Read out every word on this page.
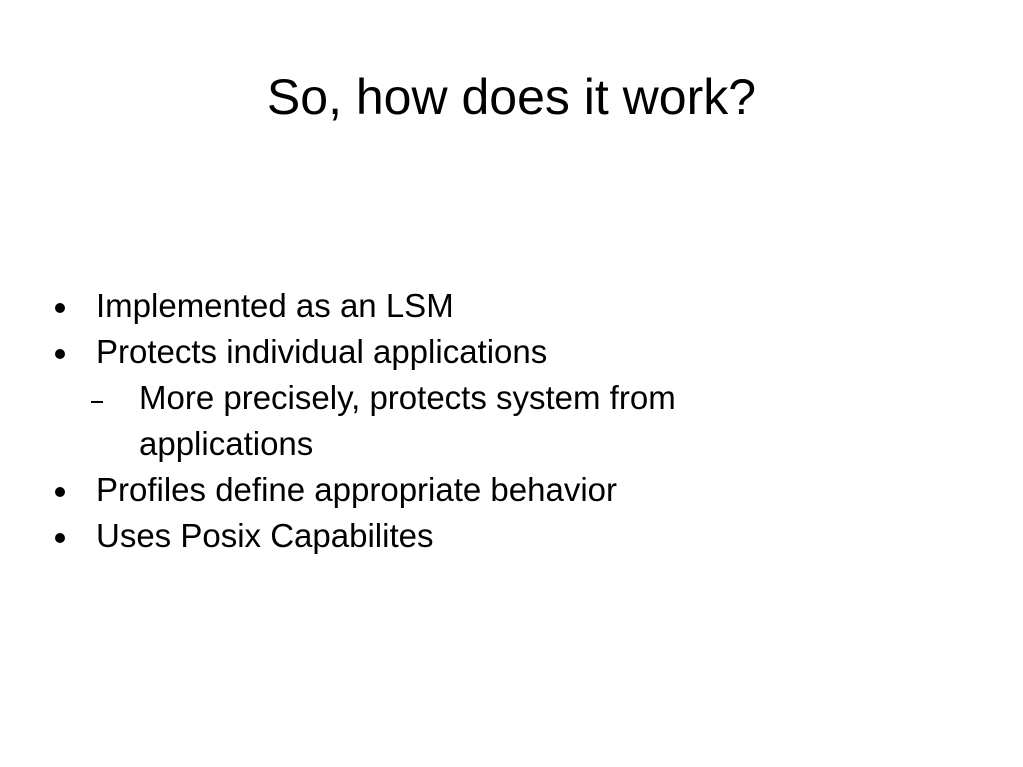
So, how does it work?
Implemented as an LSM
Protects individual applications
More precisely, protects system from applications
Profiles define appropriate behavior
Uses Posix Capabilites
